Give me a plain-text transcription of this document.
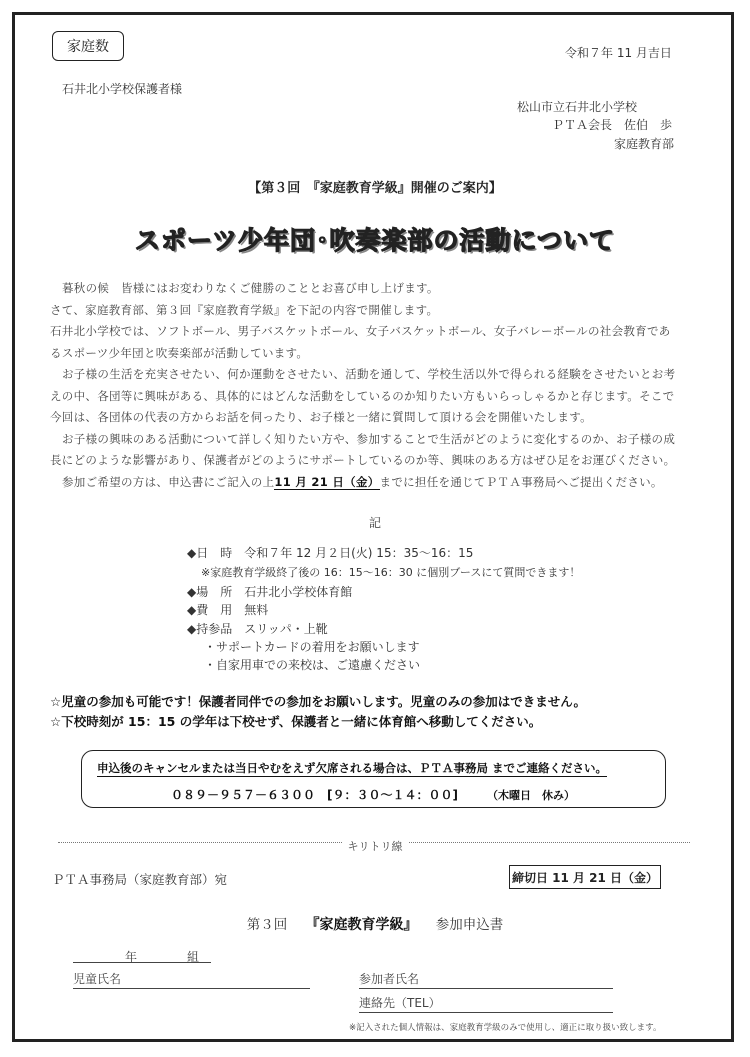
家庭数	令和７年 11 月吉日
石井北小学校保護者様
松山市立石井北小学校
ＰＴＡ会長　佐伯　歩
家庭教育部
【第３回　『家庭教育学級』開催のご案内】
スポーツ少年団･吹奏楽部の活動について

暮秋の候　皆様にはお変わりなくご健勝のこととお喜び申し上げます。

さて、家庭教育部、第３回『家庭教育学級』を下記の内容で開催します。

石井北小学校では、ソフトボール、男子バスケットボール、女子バスケットボール、女子バレーボールの社会教育であ

るスポーツ少年団と吹奏楽部が活動しています。

お子様の生活を充実させたい、何か運動をさせたい、活動を通して、学校生活以外で得られる経験をさせたいとお考

えの中、各団等に興味がある、具体的にはどんな活動をしているのか知りたい方もいらっしゃるかと存じます。そこで

今回は、各団体の代表の方からお話を伺ったり、お子様と一緒に質問して頂ける会を開催いたします。

お子様の興味のある活動について詳しく知りたい方や、参加することで生活がどのように変化するのか、お子様の成

長にどのような影響があり、保護者がどのようにサポートしているのか等、興味のある方はぜひ足をお運びください。

参加ご希望の方は、申込書にご記入の上11 月 21 日（金）までに担任を通じてＰＴＡ事務局へご提出ください。

記
◆日　時　令和７年 12 月２日(火) 15：35～16：15
※家庭教育学級終了後の 16：15～16：30 に個別ブースにて質問できます！
◆場　所　石井北小学校体育館
◆費　用　無料
◆持参品　スリッパ・上靴
・サポートカードの着用をお願いします
・自家用車での来校は、ご遠慮ください
☆児童の参加も可能です！保護者同伴での参加をお願いします。児童のみの参加はできません。
☆下校時刻が 15：15 の学年は下校せず、保護者と一緒に体育館へ移動してください。
申込後のキャンセルまたは当日やむをえず欠席される場合は、ＰＴＡ事務局 までご連絡ください。
０８９－９５７－６３００　[９：３０～１４：００]	（木曜日　休み）
キリトリ線
ＰＴＡ事務局（家庭教育部）宛	締切日 11 月 21 日（金）
第３回 『家庭教育学級』 参加申込書
年	組
児童氏名	参加者氏名
連絡先（TEL）
※記入された個人情報は、家庭教育学級のみで使用し、適正に取り扱い致します。
